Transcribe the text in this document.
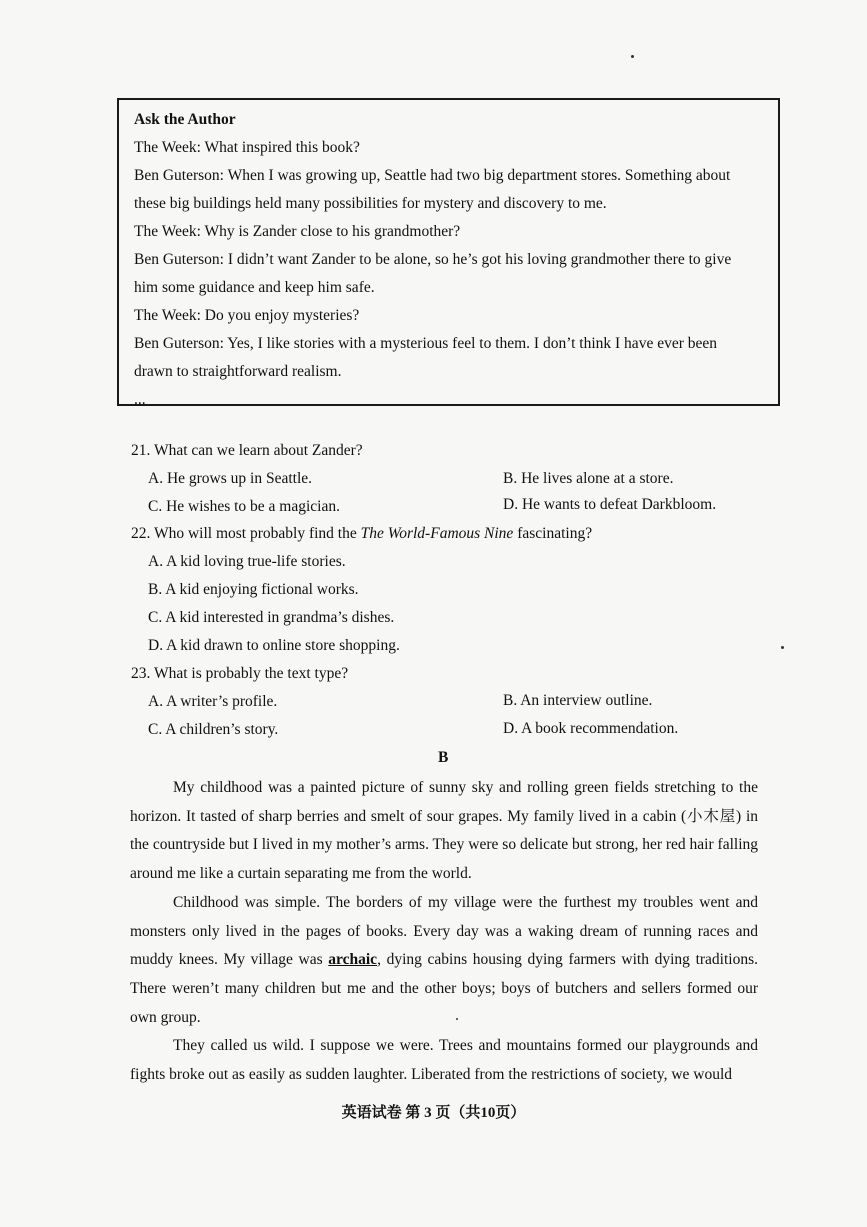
Ask the Author
The Week: What inspired this book?
Ben Guterson: When I was growing up, Seattle had two big department stores. Something about
these big buildings held many possibilities for mystery and discovery to me.
The Week: Why is Zander close to his grandmother?
Ben Guterson: I didn’t want Zander to be alone, so he’s got his loving grandmother there to give
him some guidance and keep him safe.
The Week: Do you enjoy mysteries?
Ben Guterson: Yes, I like stories with a mysterious feel to them. I don’t think I have ever been
drawn to straightforward realism.
...
21. What can we learn about Zander?
A. He grows up in Seattle.	B. He lives alone at a store.
C. He wishes to be a magician.	D. He wants to defeat Darkbloom.
22. Who will most probably find the The World-Famous Nine fascinating?
A. A kid loving true-life stories.
B. A kid enjoying fictional works.
C. A kid interested in grandma’s dishes.
D. A kid drawn to online store shopping.
23. What is probably the text type?
A. A writer’s profile.	B. An interview outline.
C. A children’s story.	D. A book recommendation.
B

My childhood was a painted picture of sunny sky and rolling green fields stretching to the horizon. It tasted of sharp berries and smelt of sour grapes. My family lived in a cabin (小木屋) in the countryside but I lived in my mother’s arms. They were so delicate but strong, her red hair falling around me like a curtain separating me from the world.

Childhood was simple. The borders of my village were the furthest my troubles went and monsters only lived in the pages of books. Every day was a waking dream of running races and muddy knees. My village was archaic, dying cabins housing dying farmers with dying traditions. There weren’t many children but me and the other boys; boys of butchers and sellers formed our own group.

They called us wild. I suppose we were. Trees and mountains formed our playgrounds and fights broke out as easily as sudden laughter. Liberated from the restrictions of society, we would

英语试卷 第 3 页（共10页）
